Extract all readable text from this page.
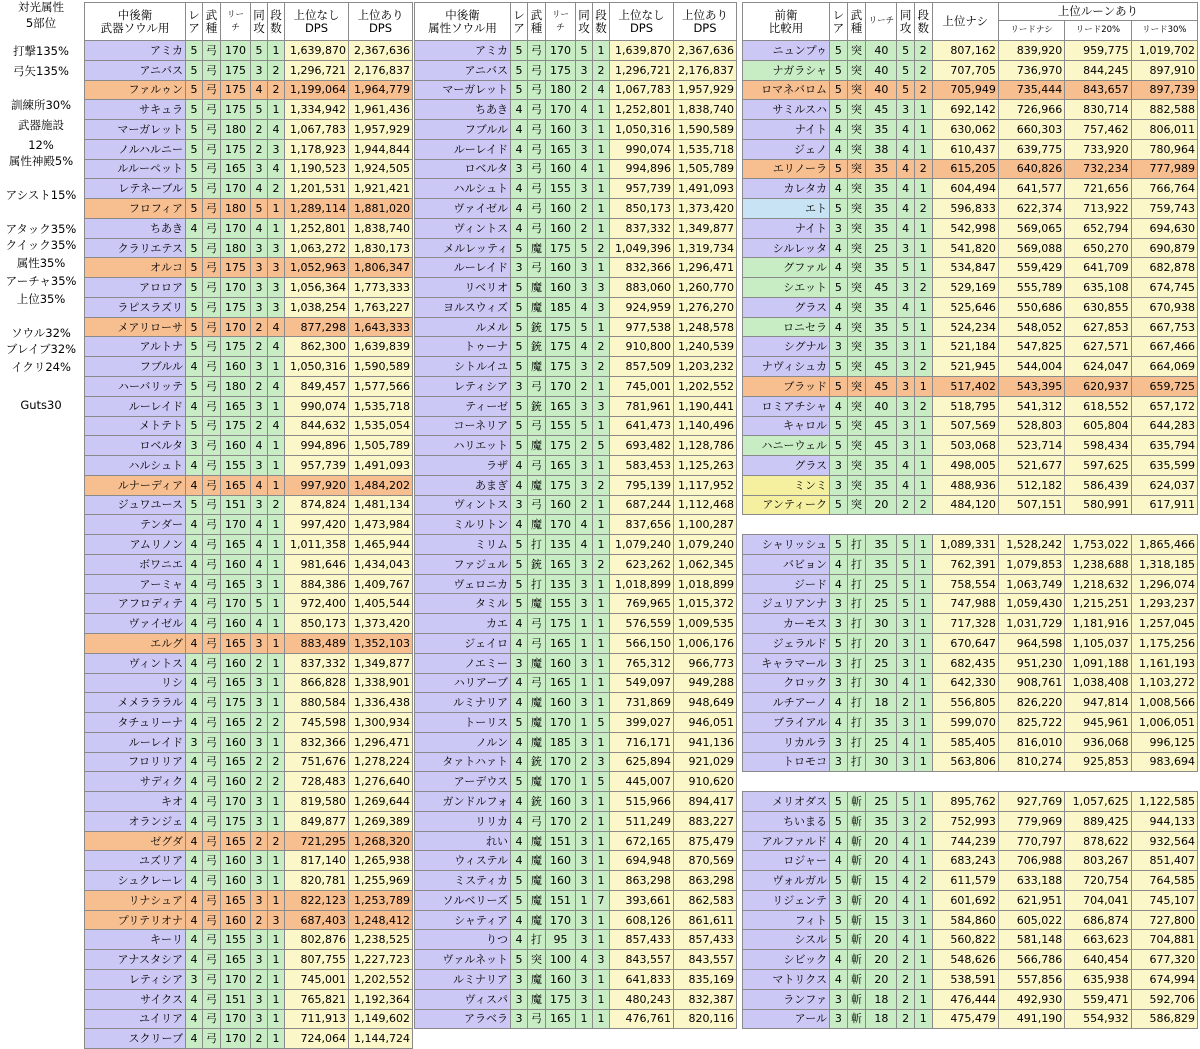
対光属性
5部位
打撃135%
弓矢135%
訓練所30%
武器施設
12%
属性神殿5%
アシスト15%
アタック35%
クイック35%
属性35%
アーチャ35%
上位35%
ソウル32%
ブレイブ32%
イクリ24%
Guts30
中後衛
武器ソウル用	レア	武種	リーチ	同攻	段数	上位なし
DPS	上位あり
DPS
アミカ	5	弓	170	5	1	1,639,870	2,367,636
アニバス	5	弓	175	3	2	1,296,721	2,176,837
ファルゥン	5	弓	175	4	2	1,199,064	1,964,779
サキュラ	5	弓	175	5	1	1,334,942	1,961,436
マーガレット	5	弓	180	2	4	1,067,783	1,957,929
ノルハルニー	5	弓	175	2	3	1,178,923	1,944,844
ルルーペット	5	弓	165	3	4	1,190,523	1,924,505
レテネーブル	5	弓	170	4	2	1,201,531	1,921,421
フロフィア	5	弓	180	5	1	1,289,114	1,881,020
ちあき	4	弓	170	4	1	1,252,801	1,838,740
クラリエテス	5	弓	180	3	3	1,063,272	1,830,173
オルコ	5	弓	175	3	3	1,052,963	1,806,347
アロロア	5	弓	170	3	3	1,056,364	1,773,333
ラピスラズリ	5	弓	175	3	3	1,038,254	1,763,227
メアリローサ	5	弓	170	2	4	877,298	1,643,333
アルトナ	5	弓	175	2	4	862,300	1,639,839
フブルル	4	弓	160	3	1	1,050,316	1,590,589
ハーバリッテ	5	弓	180	2	4	849,457	1,577,566
ルーレイド	4	弓	165	3	1	990,074	1,535,718
メトテト	5	弓	175	2	4	844,632	1,535,054
ロベルタ	3	弓	160	4	1	994,896	1,505,789
ハルシュト	4	弓	155	3	1	957,739	1,491,093
ルナーディア	4	弓	165	4	1	997,920	1,484,202
ジュワユース	5	弓	151	3	2	874,824	1,481,134
テンダー	4	弓	170	4	1	997,420	1,473,984
アムリノン	4	弓	165	4	1	1,011,358	1,465,944
ボワニエ	4	弓	160	4	1	981,646	1,434,043
アーミャ	4	弓	165	3	1	884,386	1,409,767
アフロディテ	4	弓	170	5	1	972,400	1,405,544
ヴァイゼル	4	弓	160	4	1	850,173	1,373,420
エルグ	4	弓	165	3	1	883,489	1,352,103
ヴィントス	4	弓	160	2	1	837,332	1,349,877
リシ	4	弓	165	3	1	866,828	1,338,901
メメラララル	4	弓	175	3	1	880,584	1,336,438
タチュリーナ	4	弓	165	2	2	745,598	1,300,934
ルーレイド	3	弓	160	3	1	832,366	1,296,471
フロリリア	4	弓	165	2	2	751,676	1,278,224
サディク	4	弓	160	2	2	728,483	1,276,640
キオ	4	弓	170	3	1	819,580	1,269,644
オランジェ	4	弓	175	3	1	849,877	1,269,389
ゼグダ	4	弓	165	2	2	721,295	1,268,320
ユズリア	4	弓	160	3	1	817,140	1,265,938
シュクレーレ	4	弓	160	3	1	820,781	1,255,969
リナシュア	4	弓	165	3	1	822,123	1,253,789
プリテリオナ	4	弓	160	2	3	687,403	1,248,412
キーリ	4	弓	155	3	1	802,876	1,238,525
アナスタシア	4	弓	165	3	1	807,755	1,227,723
レティシア	3	弓	170	2	1	745,001	1,202,552
サイクス	4	弓	151	3	1	765,821	1,192,364
ユイリア	4	弓	170	3	1	711,913	1,149,602
スクリーブ	4	弓	170	2	1	724,064	1,144,724
中後衛
属性ソウル用	レア	武種	リーチ	同攻	段数	上位なし
DPS	上位あり
DPS
アミカ	5	弓	170	5	1	1,639,870	2,367,636
アニバス	5	弓	175	3	2	1,296,721	2,176,837
マーガレット	5	弓	180	2	4	1,067,783	1,957,929
ちあき	4	弓	170	4	1	1,252,801	1,838,740
フブルル	4	弓	160	3	1	1,050,316	1,590,589
ルーレイド	4	弓	165	3	1	990,074	1,535,718
ロベルタ	3	弓	160	4	1	994,896	1,505,789
ハルシュト	4	弓	155	3	1	957,739	1,491,093
ヴァイゼル	4	弓	160	2	1	850,173	1,373,420
ヴィントス	4	弓	160	2	1	837,332	1,349,877
メルレッティ	5	魔	175	5	2	1,049,396	1,319,734
ルーレイド	3	弓	160	3	1	832,366	1,296,471
リベリオ	5	魔	160	3	3	883,060	1,260,770
ヨルスウィズ	5	魔	185	4	3	924,959	1,276,270
ルメル	5	銃	175	5	1	977,538	1,248,578
トゥーナ	5	銃	175	4	2	910,800	1,240,539
シトルイユ	5	魔	175	3	2	857,509	1,203,232
レティシア	3	弓	170	2	1	745,001	1,202,552
ティーゼ	5	銃	165	3	3	781,961	1,190,441
コーネリア	5	弓	155	5	1	641,473	1,140,496
ハリエット	5	魔	175	2	5	693,482	1,128,786
ラザ	4	弓	165	3	1	583,453	1,125,263
あまぎ	4	魔	175	3	2	795,139	1,117,952
ヴィントス	3	弓	160	2	1	687,244	1,112,468
ミルリトン	4	魔	170	4	1	837,656	1,100,287
ミリム	5	打	135	4	1	1,079,240	1,079,240
ファジュル	5	銃	165	3	2	623,262	1,062,345
ヴェロニカ	5	打	135	3	1	1,018,899	1,018,899
タミル	5	魔	155	3	1	769,965	1,015,372
カエ	4	弓	175	1	1	576,559	1,009,535
ジェイロ	4	弓	165	1	1	566,150	1,006,176
ノエミー	3	魔	160	3	1	765,312	966,773
ハリアーブ	4	弓	165	1	1	549,097	949,288
ルミナリア	4	魔	160	3	1	731,869	948,649
トーリス	5	魔	170	1	5	399,027	946,051
ノルン	4	魔	185	3	1	716,171	941,136
タァトハァト	4	銃	170	2	3	625,894	921,029
アーデウス	5	魔	170	1	5	445,007	910,620
ガンドルフォ	4	銃	160	3	1	515,966	894,417
リリカ	4	弓	170	2	1	511,249	883,227
れい	4	魔	151	3	1	672,165	875,479
ウィステル	4	魔	160	3	1	694,948	870,569
ミスティカ	5	魔	160	3	1	863,298	863,298
ソルベリーズ	5	魔	151	1	7	393,661	862,583
シャティア	4	魔	170	3	1	608,126	861,611
りつ	4	打	95	3	1	857,433	857,433
ヴァルネット	5	突	100	4	3	843,557	843,557
ルミナリア	3	魔	160	3	1	641,833	835,169
ヴィスパ	3	魔	175	3	1	480,243	832,387
アラベラ	3	弓	165	1	1	476,761	820,116
前衛
比較用	レア	武種	リーチ	同攻	段数	上位ナシ	上位ルーンあり		
							リードナシ	リード20%	リード30%
ニュンプゥ	5	突	40	5	2	807,162	839,920	959,775	1,019,702
ナガラシャ	5	突	40	5	2	707,705	736,970	844,245	897,910
ロマネバロム	5	突	40	5	2	705,949	735,444	843,657	897,739
サミルスハ	5	突	45	3	1	692,142	726,966	830,714	882,588
ナイト	4	突	35	4	1	630,062	660,303	757,462	806,011
ジェノ	4	突	38	4	1	610,437	639,775	733,920	780,964
エリノーラ	5	突	35	4	2	615,205	640,826	732,234	777,989
カレタカ	4	突	35	4	1	604,494	641,577	721,656	766,764
エト	5	突	35	4	2	596,833	622,374	713,922	759,743
ナイト	3	突	35	4	1	542,998	569,065	652,794	694,630
シルレッタ	4	突	25	3	1	541,820	569,088	650,270	690,879
グファル	4	突	35	5	1	534,847	559,429	641,709	682,878
シエット	5	突	45	3	2	529,169	555,789	635,108	674,745
グラス	4	突	35	4	1	525,646	550,686	630,855	670,938
ロニセラ	4	突	35	5	1	524,234	548,052	627,853	667,753
シグナル	3	突	35	3	1	521,184	547,825	627,571	667,466
ナヴィシュカ	5	突	45	3	2	521,945	544,004	624,047	664,069
ブラッド	5	突	45	3	1	517,402	543,395	620,937	659,725
ロミアチシャ	4	突	40	3	2	518,795	541,312	618,552	657,172
キャロル	5	突	45	3	1	507,569	528,803	605,804	644,283
ハニーウェル	5	突	45	3	1	503,068	523,714	598,434	635,794
グラス	3	突	35	4	1	498,005	521,677	597,625	635,599
ミンミ	3	突	35	4	1	488,936	512,182	586,439	624,037
アンティーク	5	突	20	2	2	484,120	507,151	580,991	617,911

シャリッシュ	5	打	35	5	1	1,089,331	1,528,242	1,753,022	1,865,466
バビョン	4	打	35	5	1	762,391	1,079,853	1,238,688	1,318,185
ジード	4	打	25	5	1	758,554	1,063,749	1,218,632	1,296,074
ジュリアンナ	3	打	25	5	1	747,988	1,059,430	1,215,251	1,293,237
カーモス	3	打	30	3	1	717,328	1,031,729	1,181,916	1,257,045
ジェラルド	5	打	20	3	1	670,647	964,598	1,105,037	1,175,256
キャラマール	3	打	25	3	1	682,435	951,230	1,091,188	1,161,193
クロック	3	打	30	4	1	642,330	908,761	1,038,408	1,103,272
ルチアーノ	4	打	18	2	1	556,805	826,220	947,814	1,008,566
ブライアル	4	打	35	3	1	599,070	825,722	945,961	1,006,051
リカルラ	3	打	25	4	1	585,405	816,010	936,068	996,125
トロモコ	3	打	30	3	1	563,806	810,274	925,853	983,694

メリオダス	5	斬	25	5	1	895,762	927,769	1,057,625	1,122,585
ちいまる	5	斬	35	3	2	752,993	779,969	889,425	944,133
アルファルド	4	斬	20	4	1	744,239	770,797	878,622	932,564
ロジャー	4	斬	20	4	1	683,243	706,988	803,267	851,407
ヴォルガル	5	斬	15	4	2	611,579	633,188	720,754	764,585
リジェンテ	3	斬	20	4	1	601,692	621,951	704,041	745,107
フィト	5	斬	15	3	1	584,860	605,022	686,874	727,800
シスル	5	斬	20	4	1	560,822	581,148	663,623	704,881
シビック	4	斬	20	2	1	548,626	566,786	640,454	677,320
マトリクス	4	斬	20	2	1	538,591	557,856	635,938	674,994
ランファ	3	斬	18	2	1	476,444	492,930	559,471	592,706
アール	3	斬	18	2	1	475,479	491,190	554,932	586,829
